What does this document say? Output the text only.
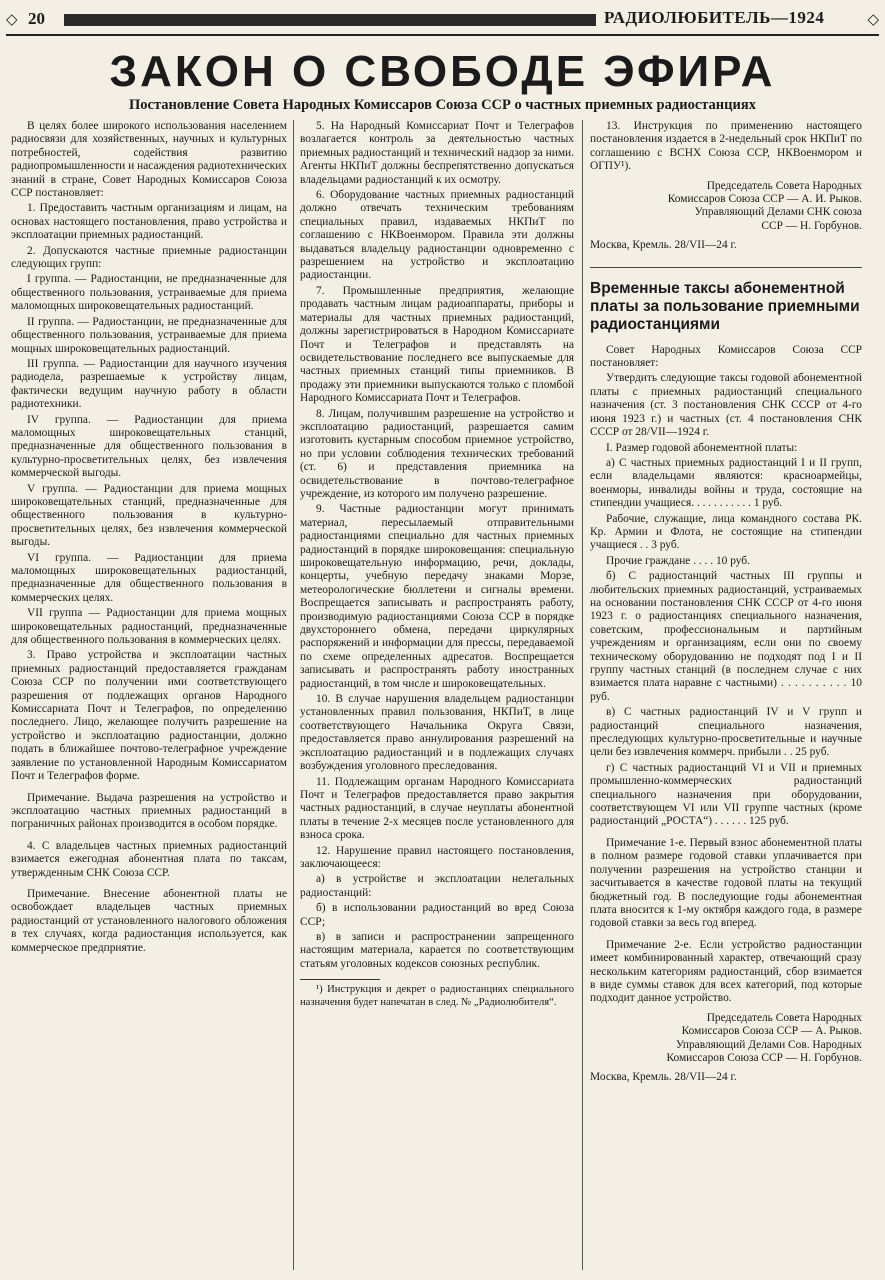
◇ 20	РАДИОЛЮБИТЕЛЬ—1924	◇
ЗАКОН О СВОБОДЕ ЭФИРА
Постановление Совета Народных Комиссаров Союза ССР о частных приемных радиостанциях

В целях более широкого использования населением радиосвязи для хозяйственных, научных и культурных потребностей, содействия развитию радиопромышленности и насаждения радиотехнических знаний в стране, Совет Народных Комиссаров Союза ССР постановляет:

1. Предоставить частным организациям и лицам, на основах настоящего постановления, право устройства и эксплоатации приемных радиостанций.

2. Допускаются частные приемные радиостанции следующих групп:

I группа. — Радиостанции, не предназначенные для общественного пользования, устраиваемые для приема маломощных широковещательных радиостанций.

II группа. — Радиостанции, не предназначенные для общественного пользования, устраиваемые для приема мощных широковещательных радиостанций.

III группа. — Радиостанции для научного изучения радиодела, разрешаемые к устройству лицам, фактически ведущим научную работу в области радиотехники.

IV группа. — Радиостанции для приема маломощных широковещательных станций, предназначенные для общественного пользования в культурно-просветительных целях, без извлечения коммерческой выгоды.

V группа. — Радиостанции для приема мощных широковещательных станций, предназначенные для общественного пользования в культурно-просветительных целях, без извлечения коммерческой выгоды.

VI группа. — Радиостанции для приема маломощных широковещательных радиостанций, предназначенные для общественного пользования в коммерческих целях.

VII группа — Радиостанции для приема мощных широковещательных радиостанций, предназначенные для общественного пользования в коммерческих целях.

3. Право устройства и эксплоатации частных приемных радиостанций предоставляется гражданам Союза ССР по получении ими соответствующего разрешения от подлежащих органов Народного Комиссариата Почт и Телеграфов, по определению последнего. Лицо, желающее получить разрешение на устройство и эксплоатацию радиостанции, должно подать в ближайшее почтово-телеграфное учреждение заявление по установленной Народным Комиссариатом Почт и Телеграфов форме.

Примечание. Выдача разрешения на устройство и эксплоатацию частных приемных радиостанций в пограничных районах производится в особом порядке.

4. С владельцев частных приемных радиостанций взимается ежегодная абонентная плата по таксам, утвержденным СНК Союза ССР.

Примечание. Внесение абонентной платы не освобождает владельцев частных приемных радиостанций от установленного налогового обложения в тех случаях, когда радиостанция используется, как коммерческое предприятие.

5. На Народный Комиссариат Почт и Телеграфов возлагается контроль за деятельностью частных приемных радиостанций и технический надзор за ними. Агенты НКПиТ должны беспрепятственно допускаться владельцами радиостанций к их осмотру.

6. Оборудование частных приемных радиостанций должно отвечать техническим требованиям специальных правил, издаваемых НКПиТ по соглашению с НКВоенмором. Правила эти должны выдаваться владельцу радиостанции одновременно с разрешением на устройство и эксплоатацию радиостанции.

7. Промышленные предприятия, желающие продавать частным лицам радиоаппараты, приборы и материалы для частных приемных радиостанций, должны зарегистрироваться в Народном Комиссариате Почт и Телеграфов и представлять на освидетельствование последнего все выпускаемые для частных приемных станций типы приемников. В продажу эти приемники выпускаются только с пломбой Народного Комиссариата Почт и Телеграфов.

8. Лицам, получившим разрешение на устройство и эксплоатацию радиостанций, разрешается самим изготовить кустарным способом приемное устройство, но при условии соблюдения технических требований (ст. 6) и представления приемника на освидетельствование в почтово-телеграфное учреждение, из которого им получено разрешение.

9. Частные радиостанции могут принимать материал, пересылаемый отправительными радиостанциями специально для частных приемных радиостанций в порядке широковещания: специальную широковещательную информацию, речи, доклады, концерты, учебную передачу знаками Морзе, метеорологические бюллетени и сигналы времени. Воспрещается записывать и распространять работу, производимую радиостанциями Союза ССР в порядке двухстороннего обмена, передачи циркулярных распоряжений и информации для прессы, передаваемой по схеме определенных адресатов. Воспрещается записывать и распространять работу иностранных радиостанций, в том числе и широковещательных.

10. В случае нарушения владельцем радиостанции установленных правил пользования, НКПиТ, в лице соответствующего Начальника Округа Связи, предоставляется право аннулирования разрешений на эксплоатацию радиостанций и в подлежащих случаях возбуждения уголовного преследования.

11. Подлежащим органам Народного Комиссариата Почт и Телеграфов предоставляется право закрытия частных радиостанций, в случае неуплаты абонентной платы в течение 2-х месяцев после установленного для взноса срока.

12. Нарушение правил настоящего постановления, заключающееся:

а) в устройстве и эксплоатации нелегальных радиостанций:

б) в использовании радиостанций во вред Союза ССР;

в) в записи и распространении запрещенного настоящим материала, карается по соответствующим статьям уголовных кодексов союзных республик.

¹) Инструкция и декрет о радиостанциях специального назначения будет напечатан в след. № „Радиолюбителя“.

13. Инструкция по применению настоящего постановления издается в 2-недельный срок НКПиТ по соглашению с ВСНХ Союза ССР, НКВоенмором и ОГПУ¹).

Председатель Совета Народных

Комиссаров Союза ССР — А. И. Рыков.

Управляющий Делами СНК союза

ССР — Н. Горбунов.

Москва, Кремль. 28/VII—24 г.

Временные таксы абонементной платы за пользование приемными радиостанциями

Совет Народных Комиссаров Союза ССР постановляет:

Утвердить следующие таксы годовой абонементной платы с приемных радиостанций специального назначения (ст. 3 постановления СНК СССР от 4-го июня 1923 г.) и частных (ст. 4 постановления СНК СССР от 28/VII—1924 г.

I. Размер годовой абонементной платы:

а) С частных приемных радиостанций I и II групп, если владельцами являются: красноармейцы, военморы, инвалиды войны и труда, состоящие на стипендии учащиеся. . . . . . . . . . . 1 руб.

Рабочие, служащие, лица командного состава РК. Кр. Армии и Флота, не состоящие на стипендии учащиеся . . 3 руб.

Прочие граждане . . . . 10 руб.

б) С радиостанций частных III группы и любительских приемных радиостанций, устраиваемых на основании постановления СНК СССР от 4-го июня 1923 г. о радиостанциях специального назначения, советским, профессиональным и партийным учреждениям и организациям, если они по своему техническому оборудованию не подходят под I и II группу частных станций (в последнем случае с них взимается плата наравне с частными) . . . . . . . . . . 10 руб.

в) С частных радиостанций IV и V групп и радиостанций специального назначения, преследующих культурно-просветительные и научные цели без извлечения коммерч. прибыли . . 25 руб.

г) С частных радиостанций VI и VII и приемных промышленно-коммерческих радиостанций специального назначения при оборудовании, соответствующем VI или VII группе частных (кроме радиостанций „РОСТА“) . . . . . . 125 руб.

Примечание 1-е. Первый взнос абонементной платы в полном размере годовой ставки уплачивается при получении разрешения на устройство станции и засчитывается в качестве годовой платы на текущий бюджетный год. В последующие годы абонементная плата вносится к 1-му октября каждого года, в размере годовой ставки за весь год вперед.

Примечание 2-е. Если устройство радиостанции имеет комбинированный характер, отвечающий сразу нескольким категориям радиостанций, сбор взимается в виде суммы ставок для всех категорий, под которые подходит данное устройство.

Председатель Совета Народных

Комиссаров Союза ССР — А. Рыков.

Управляющий Делами Сов. Народных

Комиссаров Союза ССР — Н. Горбунов.

Москва, Кремль. 28/VII—24 г.
